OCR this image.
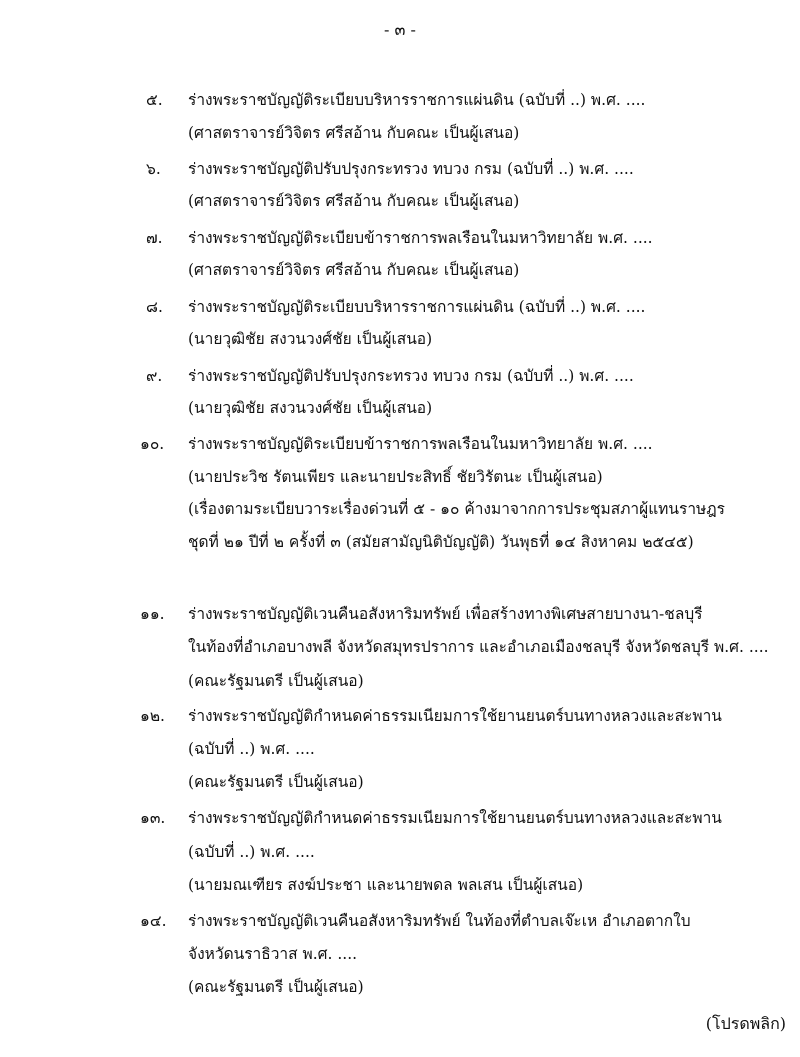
- ๓ -
๕. ร่างพระราชบัญญัติระเบียบบริหารราชการแผ่นดิน (ฉบับที่ ..) พ.ศ. ....
(ศาสตราจารย์วิจิตร ศรีสอ้าน กับคณะ เป็นผู้เสนอ)
๖. ร่างพระราชบัญญัติปรับปรุงกระทรวง ทบวง กรม (ฉบับที่ ..) พ.ศ. ....
(ศาสตราจารย์วิจิตร ศรีสอ้าน กับคณะ เป็นผู้เสนอ)
๗. ร่างพระราชบัญญัติระเบียบข้าราชการพลเรือนในมหาวิทยาลัย พ.ศ. ....
(ศาสตราจารย์วิจิตร ศรีสอ้าน กับคณะ เป็นผู้เสนอ)
๘. ร่างพระราชบัญญัติระเบียบบริหารราชการแผ่นดิน (ฉบับที่ ..) พ.ศ. ....
(นายวุฒิชัย สงวนวงศ์ชัย เป็นผู้เสนอ)
๙. ร่างพระราชบัญญัติปรับปรุงกระทรวง ทบวง กรม (ฉบับที่ ..) พ.ศ. ....
(นายวุฒิชัย สงวนวงศ์ชัย เป็นผู้เสนอ)
๑๐. ร่างพระราชบัญญัติระเบียบข้าราชการพลเรือนในมหาวิทยาลัย พ.ศ. ....
(นายประวิช รัตนเพียร และนายประสิทธิ์ ชัยวิรัตนะ เป็นผู้เสนอ)
(เรื่องตามระเบียบวาระเรื่องด่วนที่ ๕ - ๑๐ ค้างมาจากการประชุมสภาผู้แทนราษฎร
ชุดที่ ๒๑ ปีที่ ๒ ครั้งที่ ๓ (สมัยสามัญนิติบัญญัติ) วันพุธที่ ๑๔ สิงหาคม ๒๕๔๕)
๑๑. ร่างพระราชบัญญัติเวนคืนอสังหาริมทรัพย์ เพื่อสร้างทางพิเศษสายบางนา-ชลบุรี
ในท้องที่อำเภอบางพลี จังหวัดสมุทรปราการ และอำเภอเมืองชลบุรี จังหวัดชลบุรี พ.ศ. ....
(คณะรัฐมนตรี เป็นผู้เสนอ)
๑๒. ร่างพระราชบัญญัติกำหนดค่าธรรมเนียมการใช้ยานยนตร์บนทางหลวงและสะพาน
(ฉบับที่ ..) พ.ศ. ....
(คณะรัฐมนตรี เป็นผู้เสนอ)
๑๓. ร่างพระราชบัญญัติกำหนดค่าธรรมเนียมการใช้ยานยนตร์บนทางหลวงและสะพาน
(ฉบับที่ ..) พ.ศ. ....
(นายมณเฑียร สงฆ์ประชา และนายพดล พลเสน เป็นผู้เสนอ)
๑๔. ร่างพระราชบัญญัติเวนคืนอสังหาริมทรัพย์ ในท้องที่ตำบลเจ๊ะเห อำเภอตากใบ
จังหวัดนราธิวาส พ.ศ. ....
(คณะรัฐมนตรี เป็นผู้เสนอ)
(โปรดพลิก)
